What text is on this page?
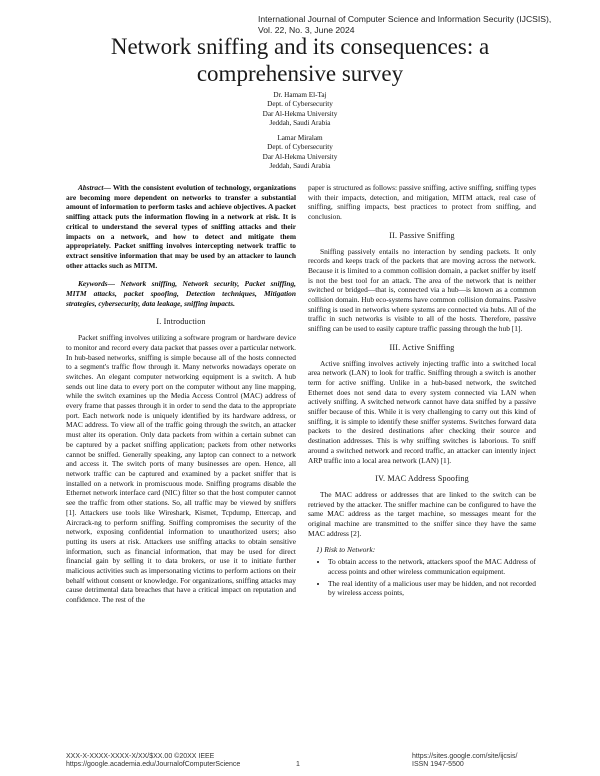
International Journal of Computer Science and Information Security (IJCSIS),
Vol. 22, No. 3, June 2024
Network sniffing and its consequences: a comprehensive survey
Dr. Hamam El-Taj
Dept. of Cybersecurity
Dar Al-Hekma University
Jeddah, Saudi Arabia
Lamar Miralam
Dept. of Cybersecurity
Dar Al-Hekma University
Jeddah, Saudi Arabia

Abstract— With the consistent evolution of technology, organizations are becoming more dependent on networks to transfer a substantial amount of information to perform tasks and achieve objectives. A packet sniffing attack puts the information flowing in a network at risk. It is critical to understand the several types of sniffing attacks and their impacts on a network, and how to detect and mitigate them appropriately. Packet sniffing involves intercepting network traffic to extract sensitive information that may be used by an attacker to launch other attacks such as MITM.

Keywords— Network sniffing, Network security, Packet sniffing, MITM attacks, packet spoofing, Detection techniques, Mitigation strategies, cybersecurity, data leakage, sniffing impacts.

I. Introduction

Packet sniffing involves utilizing a software program or hardware device to monitor and record every data packet that passes over a particular network. In hub-based networks, sniffing is simple because all of the hosts connected to a segment's traffic flow through it. Many networks nowadays operate on switches. An elegant computer networking equipment is a switch. A hub sends out line data to every port on the computer without any line mapping, while the switch examines up the Media Access Control (MAC) address of every frame that passes through it in order to send the data to the appropriate port. Each network node is uniquely identified by its hardware address, or MAC address. To view all of the traffic going through the switch, an attacker must alter its operation. Only data packets from within a certain subnet can be captured by a packet sniffing application; packets from other networks cannot be sniffed. Generally speaking, any laptop can connect to a network and access it. The switch ports of many businesses are open. Hence, all network traffic can be captured and examined by a packet sniffer that is installed on a network in promiscuous mode. Sniffing programs disable the Ethernet network interface card (NIC) filter so that the host computer cannot see the traffic from other stations. So, all traffic may be viewed by sniffers [1]. Attackers use tools like Wireshark, Kismet, Tcpdump, Ettercap, and Aircrack-ng to perform sniffing. Sniffing compromises the security of the network, exposing confidential information to unauthorized users; also putting its users at risk. Attackers use sniffing attacks to obtain sensitive information, such as financial information, that may be used for direct financial gain by selling it to data brokers, or use it to initiate further malicious activities such as impersonating victims to perform actions on their behalf without consent or knowledge. For organizations, sniffing attacks may cause detrimental data breaches that have a critical impact on reputation and confidence. The rest of the

paper is structured as follows: passive sniffing, active sniffing, sniffing types with their impacts, detection, and mitigation, MITM attack, real case of sniffing, sniffing impacts, best practices to protect from sniffing, and conclusion.

II. Passive Sniffing

Sniffing passively entails no interaction by sending packets. It only records and keeps track of the packets that are moving across the network. Because it is limited to a common collision domain, a packet sniffer by itself is not the best tool for an attack. The area of the network that is neither switched or bridged—that is, connected via a hub—is known as a common collision domain. Hub eco-systems have common collision domains. Passive sniffing is used in networks where systems are connected via hubs. All of the traffic in such networks is visible to all of the hosts. Therefore, passive sniffing can be used to easily capture traffic passing through the hub [1].

III. Active Sniffing

Active sniffing involves actively injecting traffic into a switched local area network (LAN) to look for traffic. Sniffing through a switch is another term for active sniffing. Unlike in a hub-based network, the switched Ethernet does not send data to every system connected via LAN when actively sniffing. A switched network cannot have data sniffed by a passive sniffer because of this. While it is very challenging to carry out this kind of sniffing, it is simple to identify these sniffer systems. Switches forward data packets to the desired destinations after checking their source and destination addresses. This is why sniffing switches is laborious. To sniff around a switched network and record traffic, an attacker can intently inject ARP traffic into a local area network (LAN) [1].

IV. MAC Address Spoofing

The MAC address or addresses that are linked to the switch can be retrieved by the attacker. The sniffer machine can be configured to have the same MAC address as the target machine, so messages meant for the original machine are transmitted to the sniffer since they have the same MAC address [2].

1) Risk to Network:
• To obtain access to the network, attackers spoof the MAC Address of access points and other wireless communication equipment.
• The real identity of a malicious user may be hidden, and not recorded by wireless access points,
XXX-X-XXXX-XXXX-X/XX/$XX.00 ©20XX IEEE
https://google.academia.edu/JournalofComputerScience	1
https://sites.google.com/site/ijcsis/
ISSN 1947-5500
